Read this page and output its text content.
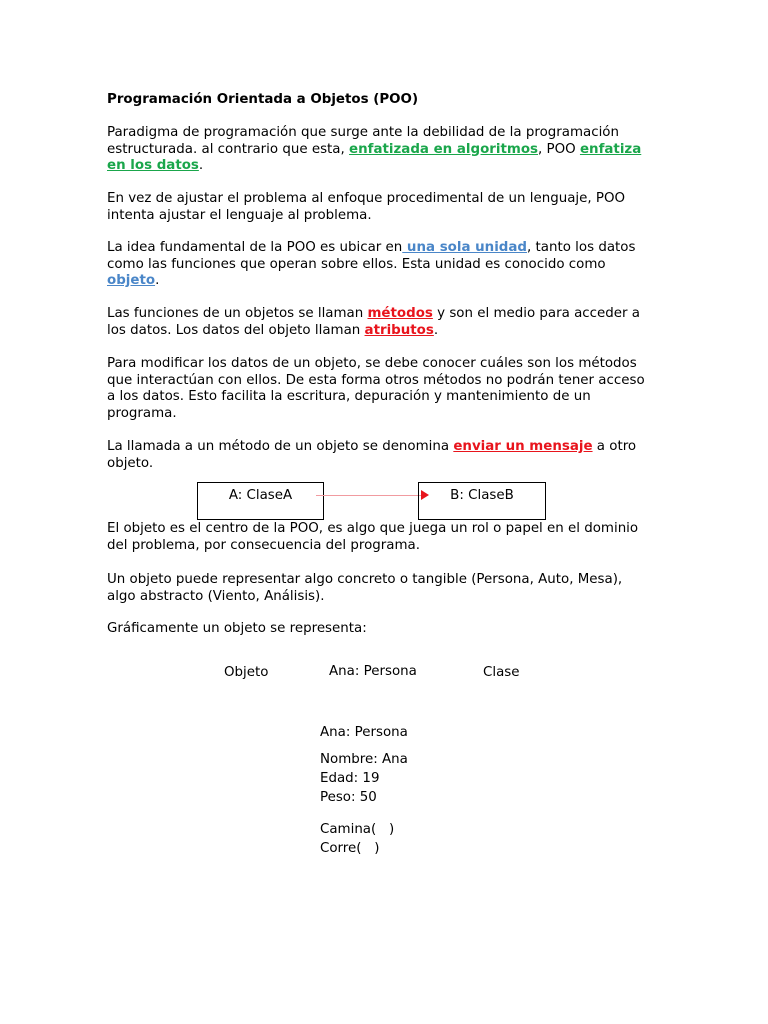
Programación Orientada a Objetos (POO)

Paradigma de programación que surge ante la debilidad de la programación
estructurada. al contrario que esta, enfatizada en algoritmos, POO enfatiza
en los datos.
En vez de ajustar el problema al enfoque procedimental de un lenguaje, POO
intenta ajustar el lenguaje al problema.
La idea fundamental de la POO es ubicar en una sola unidad, tanto los datos
como las funciones que operan sobre ellos. Esta unidad es conocido como
objeto.
Las funciones de un objetos se llaman métodos y son el medio para acceder a
los datos. Los datos del objeto llaman atributos.
Para modificar los datos de un objeto, se debe conocer cuáles son los métodos
que interactúan con ellos. De esta forma otros métodos no podrán tener acceso
a los datos. Esto facilita la escritura, depuración y mantenimiento de un
programa.
La llamada a un método de un objeto se denomina enviar un mensaje a otro
objeto.
A: ClaseA	B: ClaseB
El objeto es el centro de la POO, es algo que juega un rol o papel en el dominio
del problema, por consecuencia del programa.
Un objeto puede representar algo concreto o tangible (Persona, Auto, Mesa),
algo abstracto (Viento, Análisis).
Gráficamente un objeto se representa:
Objeto	Ana: Persona	Clase
Ana: Persona
Nombre: Ana
Edad: 19
Peso: 50
Camina(   )
Corre(   )
